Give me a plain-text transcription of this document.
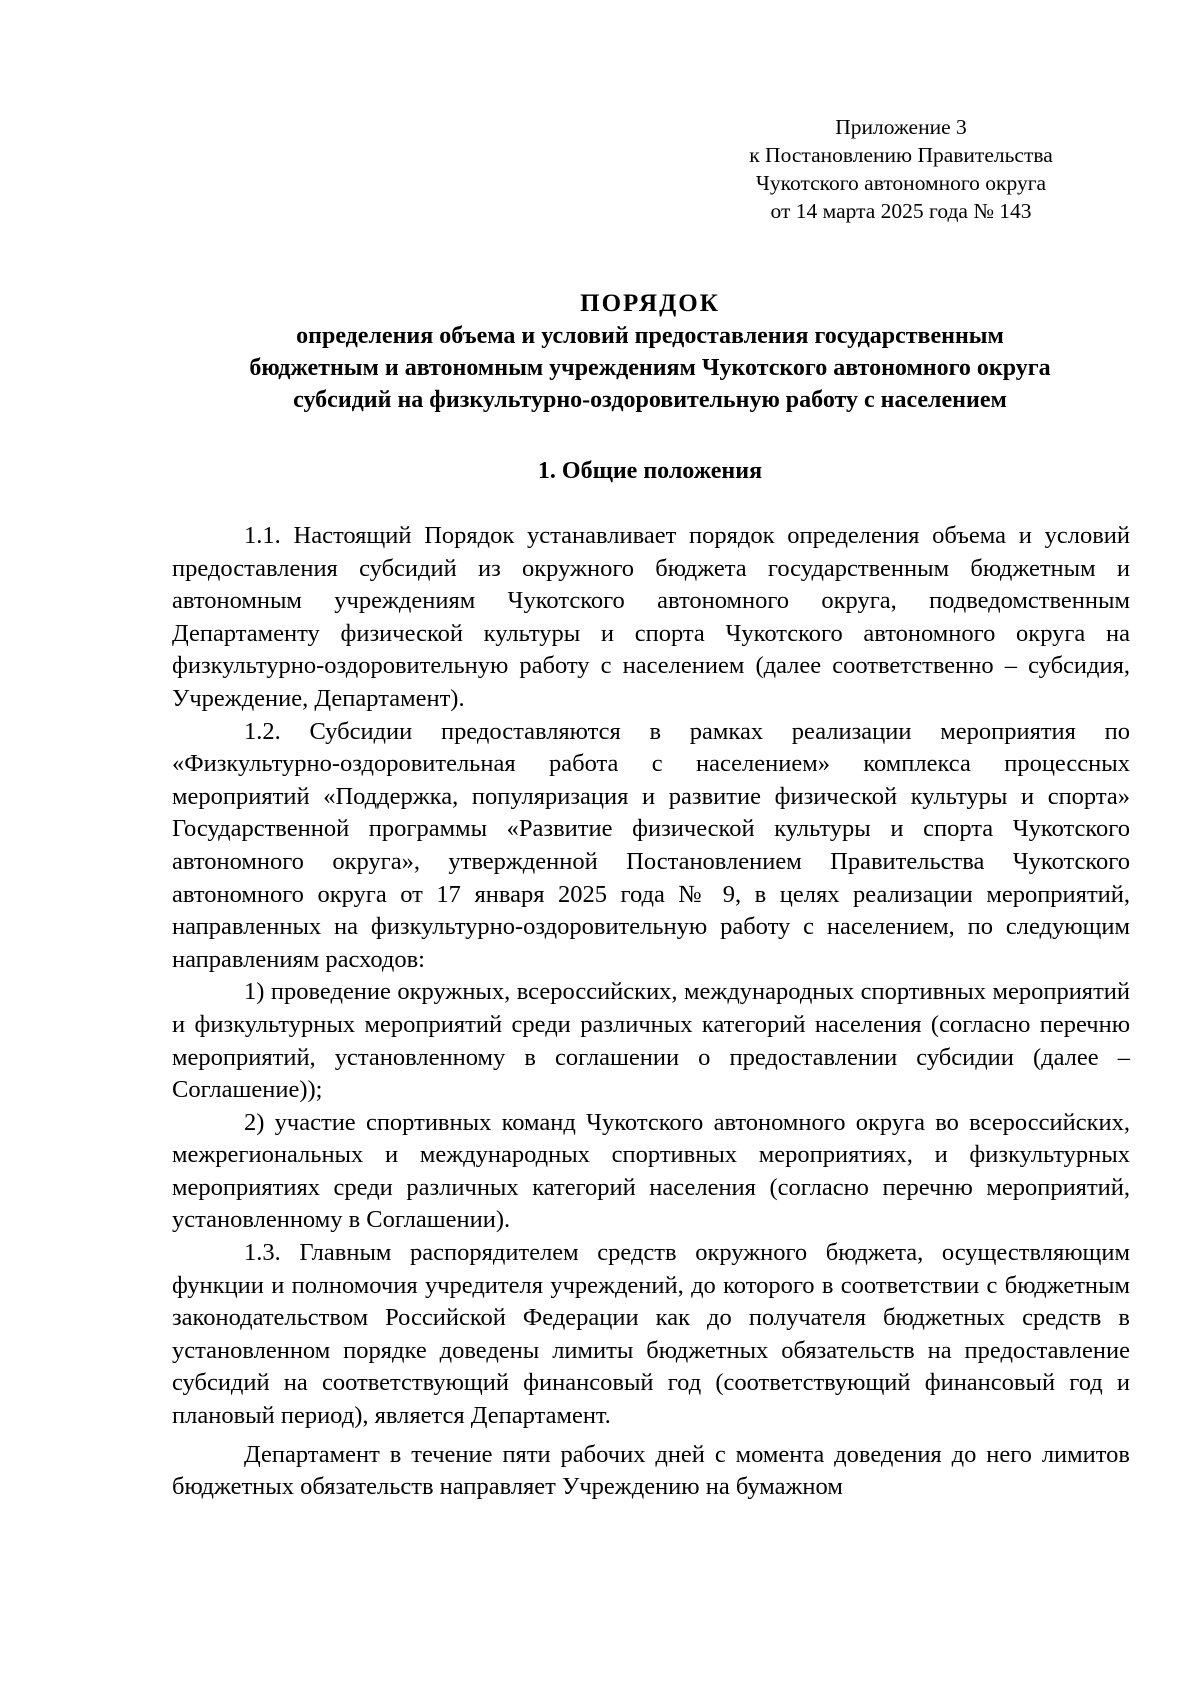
Приложение 3
к Постановлению Правительства
Чукотского автономного округа
от 14 марта 2025 года № 143
ПОРЯДОК
определения объема и условий предоставления государственным
бюджетным и автономным учреждениям Чукотского автономного округа
субсидий на физкультурно-оздоровительную работу с населением
1. Общие положения

1.1. Настоящий Порядок устанавливает порядок определения объема и условий предоставления субсидий из окружного бюджета государственным бюджетным и автономным учреждениям Чукотского автономного округа, подведомственным Департаменту физической культуры и спорта Чукотского автономного округа на физкультурно-оздоровительную работу с населением (далее соответственно – субсидия, Учреждение, Департамент).

1.2. Субсидии предоставляются в рамках реализации мероприятия по «Физкультурно-оздоровительная работа с населением» комплекса процессных мероприятий «Поддержка, популяризация и развитие физической культуры и спорта» Государственной программы «Развитие физической культуры и спорта Чукотского автономного округа», утвержденной Постановлением Правительства Чукотского автономного округа от 17 января 2025 года № 9, в целях реализации мероприятий, направленных на физкультурно-оздоровительную работу с населением, по следующим направлениям расходов:

1) проведение окружных, всероссийских, международных спортивных мероприятий и физкультурных мероприятий среди различных категорий населения (согласно перечню мероприятий, установленному в соглашении о предоставлении субсидии (далее – Соглашение));

2) участие спортивных команд Чукотского автономного округа во всероссийских, межрегиональных и международных спортивных мероприятиях, и физкультурных мероприятиях среди различных категорий населения (согласно перечню мероприятий, установленному в Соглашении).

1.3. Главным распорядителем средств окружного бюджета, осуществляющим функции и полномочия учредителя учреждений, до которого в соответствии с бюджетным законодательством Российской Федерации как до получателя бюджетных средств в установленном порядке доведены лимиты бюджетных обязательств на предоставление субсидий на соответствующий финансовый год (соответствующий финансовый год и плановый период), является Департамент.

Департамент в течение пяти рабочих дней с момента доведения до него лимитов бюджетных обязательств направляет Учреждению на бумажном
